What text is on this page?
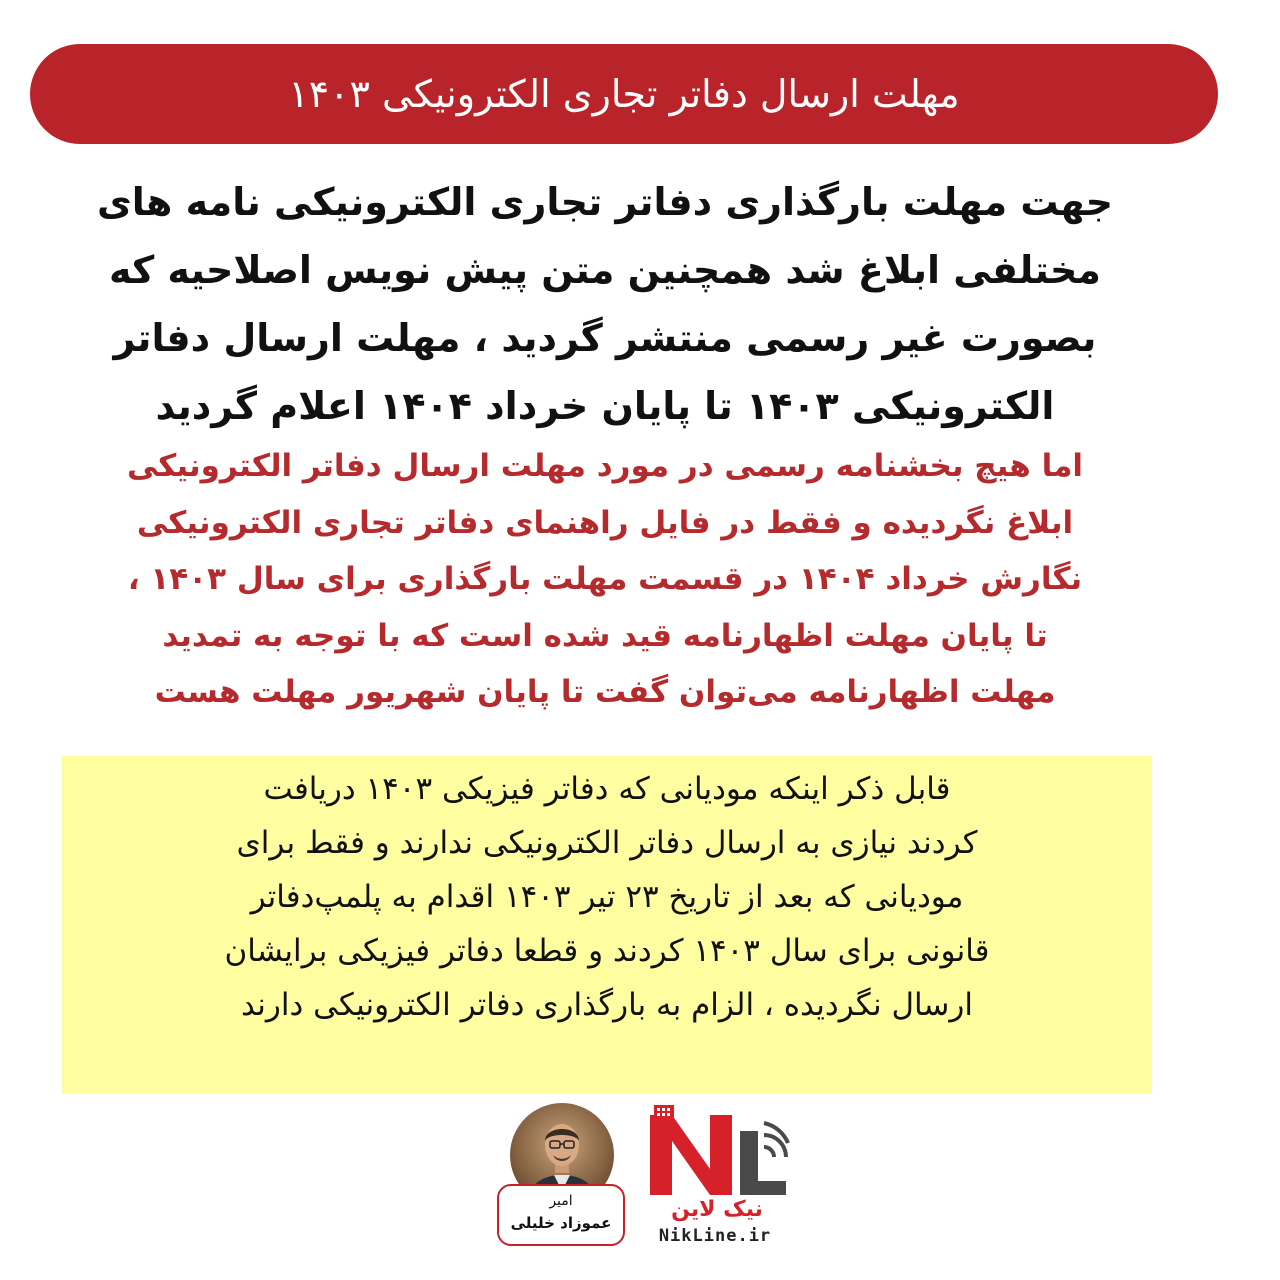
مهلت ارسال دفاتر تجاری الکترونیکی ۱۴۰۳
جهت مهلت بارگذاری دفاتر تجاری الکترونیکی نامه های
مختلفی ابلاغ شد همچنین متن پیش نویس اصلاحیه که
بصورت غیر رسمی منتشر گردید ، مهلت ارسال دفاتر
الکترونیکی ۱۴۰۳ تا پایان خرداد ۱۴۰۴ اعلام گردید
اما هیچ بخشنامه رسمی در مورد مهلت ارسال دفاتر الکترونیکی
ابلاغ نگردیده و فقط در فایل راهنمای دفاتر تجاری الکترونیکی
نگارش خرداد ۱۴۰۴ در قسمت مهلت بارگذاری برای سال ۱۴۰۳ ،
تا پایان مهلت اظهارنامه قید شده است که با توجه به تمدید
مهلت اظهارنامه می‌توان گفت تا پایان شهریور مهلت هست
قابل ذکر اینکه مودیانی که دفاتر فیزیکی ۱۴۰۳ دریافت
کردند نیازی به ارسال دفاتر الکترونیکی ندارند و فقط برای
مودیانی که بعد از تاریخ ۲۳ تیر ۱۴۰۳ اقدام به پلمپ‌دفاتر
قانونی برای سال ۱۴۰۳ کردند و قطعا دفاتر فیزیکی برایشان
ارسال نگردیده ، الزام به بارگذاری دفاتر الکترونیکی دارند
امیر
عموزاد خلیلی
نیک لاین
NikLine.ir
